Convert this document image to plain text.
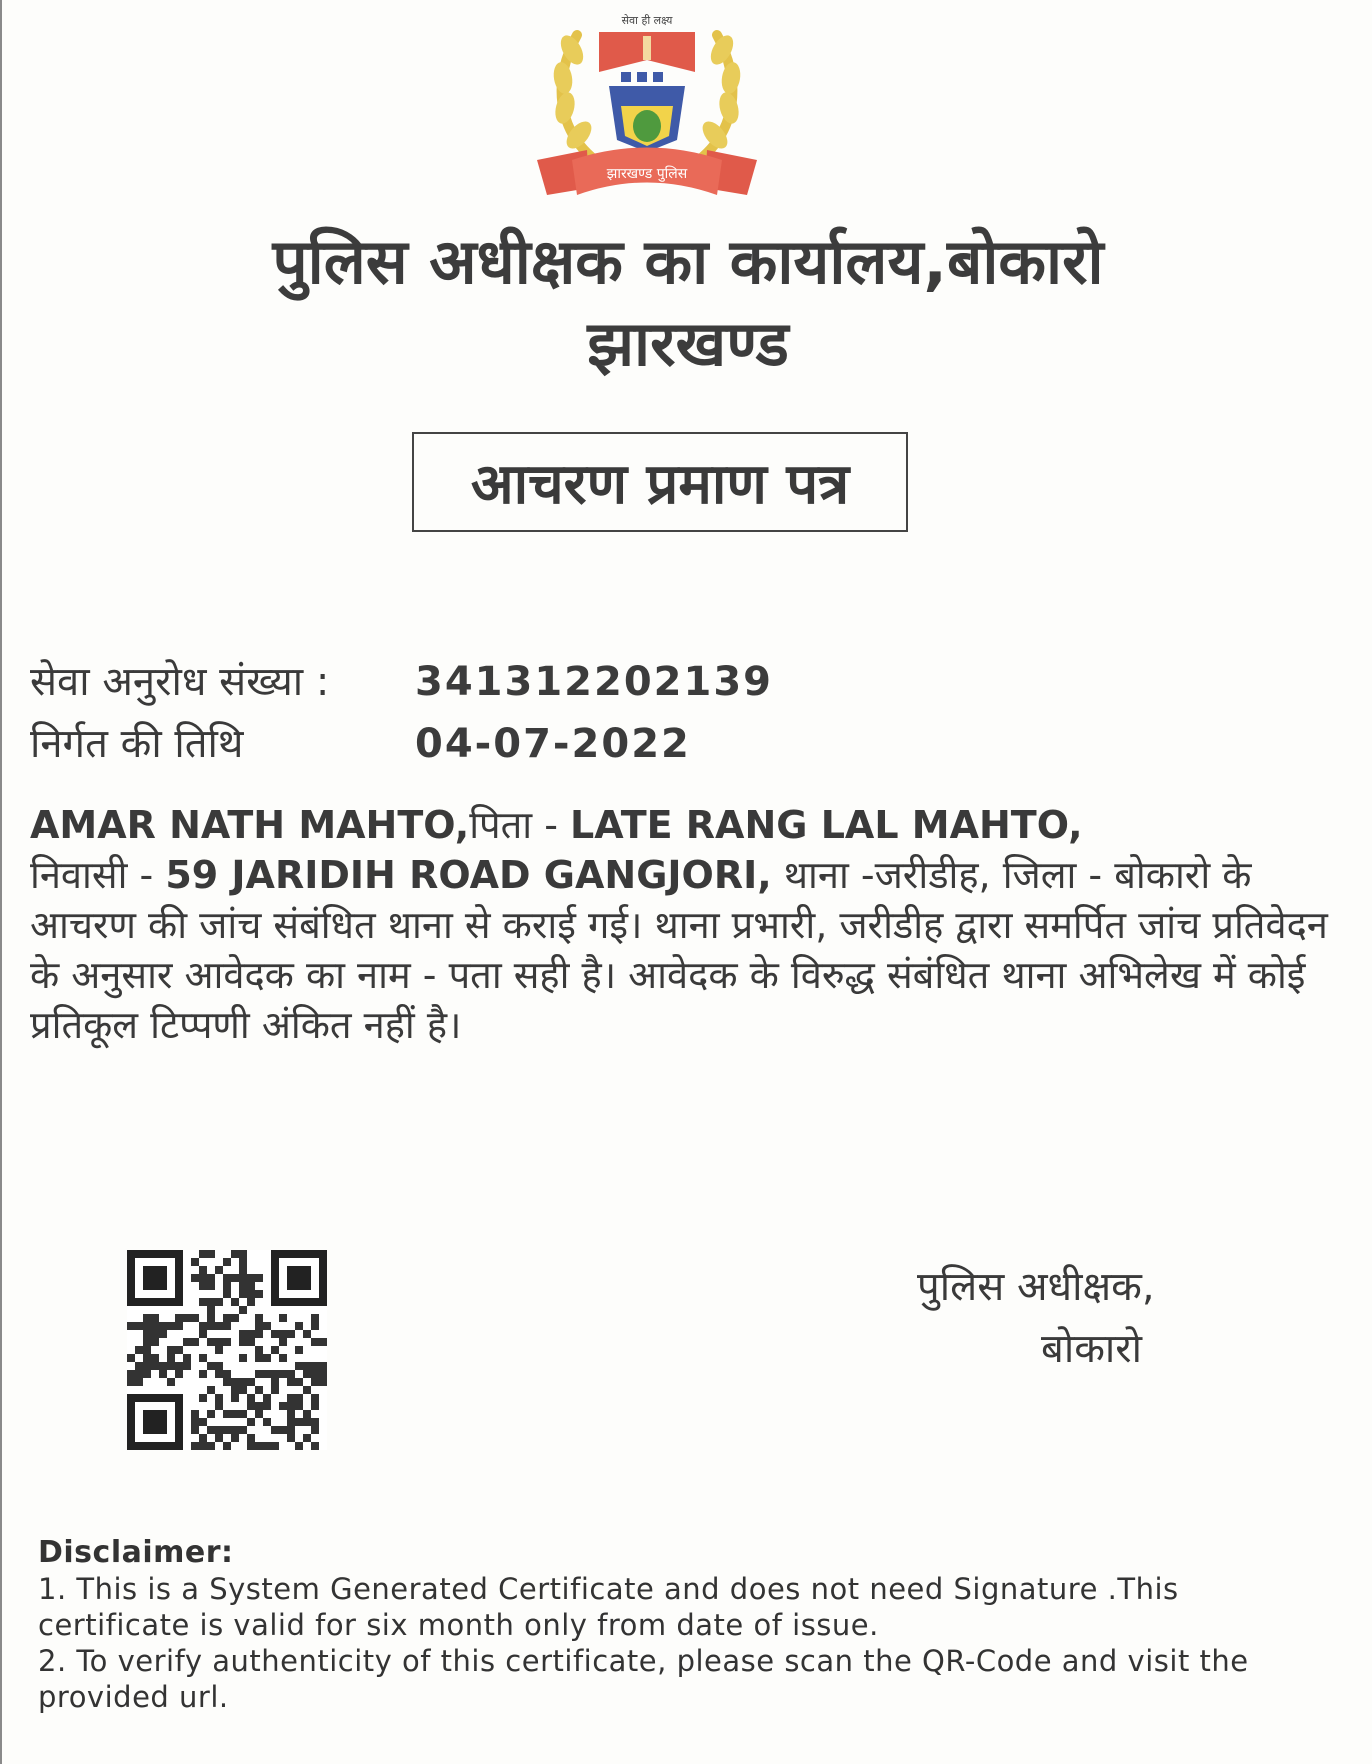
सेवा ही लक्ष्य
झारखण्ड पुलिस
पुलिस अधीक्षक का कार्यालय,बोकारो
झारखण्ड
आचरण प्रमाण पत्र
सेवा अनुरोध संख्या : 341312202139
निर्गत की तिथि	04-07-2022
AMAR NATH MAHTO,पिता - LATE RANG LAL MAHTO,
निवासी - 59 JARIDIH ROAD GANGJORI, थाना -जरीडीह, जिला - बोकारो के आचरण की जांच संबंधित थाना से कराई गई। थाना प्रभारी, जरीडीह द्वारा समर्पित जांच प्रतिवेदन के अनुसार आवेदक का नाम - पता सही है। आवेदक के विरुद्ध संबंधित थाना अभिलेख में कोई प्रतिकूल टिप्पणी अंकित नहीं है।
पुलिस अधीक्षक,
बोकारो
Disclaimer:
1. This is a System Generated Certificate and does not need Signature .This certificate is valid for six month only from date of issue.
2. To verify authenticity of this certificate, please scan the QR-Code and visit the provided url.
